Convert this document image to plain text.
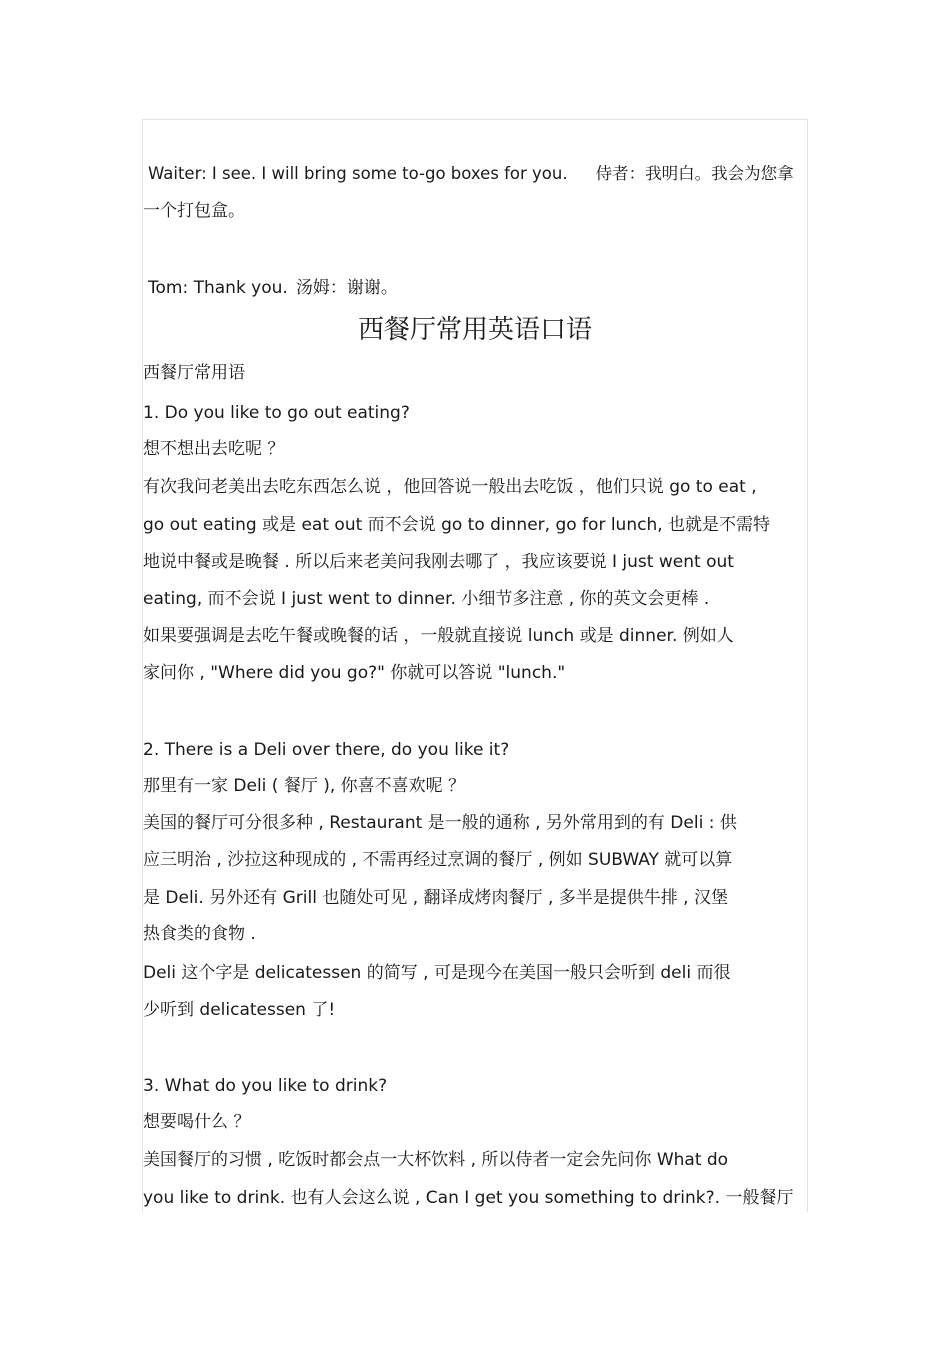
Waiter: I see. I will bring some to-go boxes for you. 侍者：我明白。我会为您拿
一个打包盒。
Tom: Thank you. 汤姆：谢谢。
西餐厅常用英语口语
西餐厅常用语
1. Do you like to go out eating?
想不想出去吃呢 ？
有次我问老美出去吃东西怎么说 ，他回答说一般出去吃饭 ，他们只说 go to eat ,
go out eating 或是 eat out 而不会说 go to dinner, go for lunch, 也就是不需特
地说中餐或是晚餐 . 所以后来老美问我刚去哪了 ，我应该要说 I just went out
eating, 而不会说 I just went to dinner. 小细节多注意 , 你的英文会更棒 .
如果要强调是去吃午餐或晚餐的话 ，一般就直接说 lunch 或是 dinner. 例如人
家问你 , "Where did you go?" 你就可以答说 "lunch."
2. There is a Deli over there, do you like it?
那里有一家 Deli ( 餐厅 ), 你喜不喜欢呢 ？
美国的餐厅可分很多种 , Restaurant 是一般的通称 , 另外常用到的有 Deli : 供
应三明治 , 沙拉这种现成的 , 不需再经过烹调的餐厅 , 例如 SUBWAY 就可以算
是 Deli. 另外还有 Grill 也随处可见 , 翻译成烤肉餐厅 , 多半是提供牛排 , 汉堡
热食类的食物 .
Deli 这个字是 delicatessen 的简写 , 可是现今在美国一般只会听到 deli 而很
少听到 delicatessen 了!
3. What do you like to drink?
想要喝什么 ？
美国餐厅的习惯 , 吃饭时都会点一大杯饮料 , 所以侍者一定会先问你 What do
you like to drink. 也有人会这么说 , Can I get you something to drink?. 一般餐厅
